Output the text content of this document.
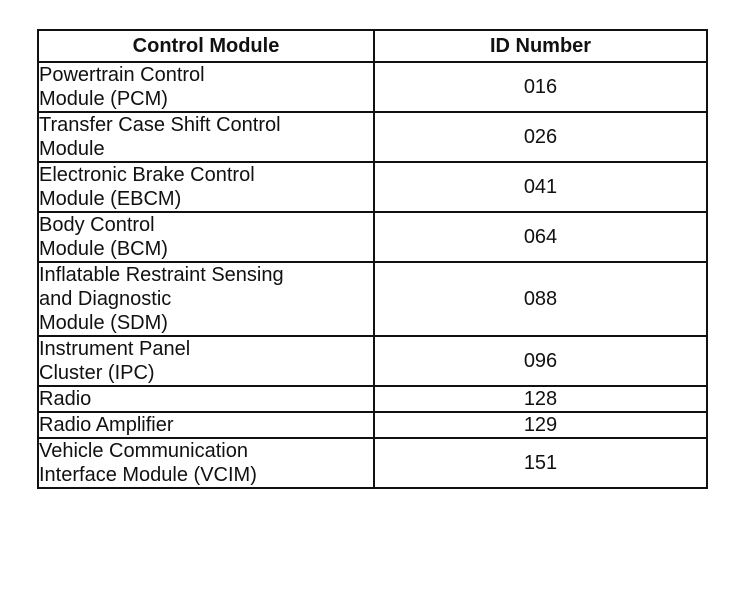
Control Module	ID Number

Powertrain Control
Module (PCM)	016

Transfer Case Shift Control
Module	026

Electronic Brake Control
Module (EBCM)	041

Body Control
Module (BCM)	064

Inflatable Restraint Sensing
and Diagnostic
Module (SDM)	088

Instrument Panel
Cluster (IPC)	096

Radio	128

Radio Amplifier	129

Vehicle Communication
Interface Module (VCIM)	151
